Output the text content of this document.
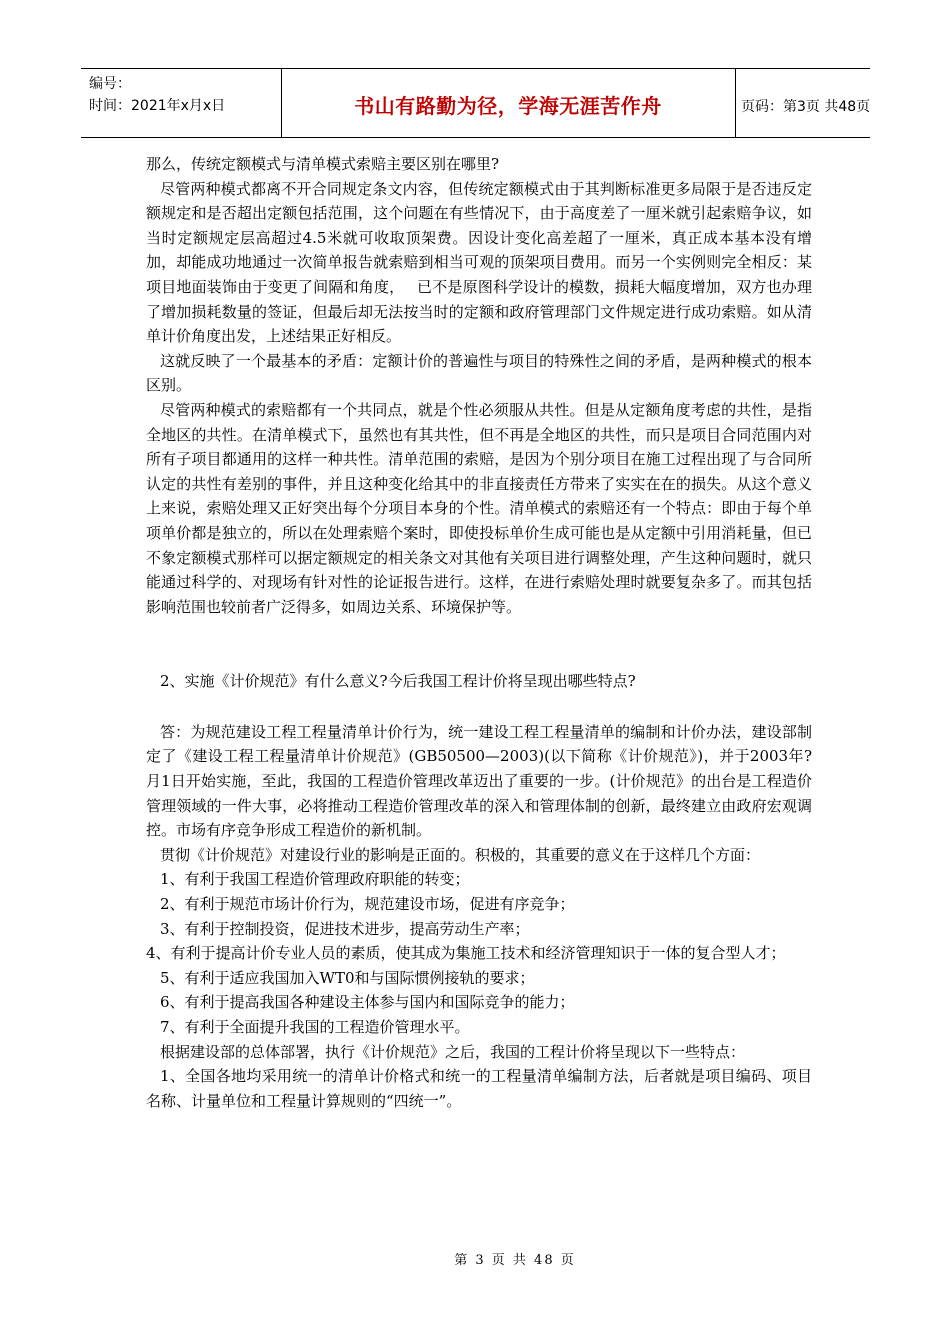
编号：
时间：2021年x月x日	书山有路勤为径，学海无涯苦作舟	页码：第3页 共48页

那么，传统定额模式与清单模式索赔主要区别在哪里?

尽管两种模式都离不开合同规定条文内容，但传统定额模式由于其判断标准更多局限于是否违反定额规定和是否超出定额包括范围，这个问题在有些情况下，由于高度差了一厘米就引起索赔争议，如当时定额规定层高超过4.5米就可收取顶架费。因设计变化高差超了一厘米，真正成本基本没有增加，却能成功地通过一次简单报告就索赔到相当可观的顶架项目费用。而另一个实例则完全相反：某项目地面装饰由于变更了间隔和角度，　 已不是原图科学设计的模数，损耗大幅度增加，双方也办理了增加损耗数量的签证，但最后却无法按当时的定额和政府管理部门文件规定进行成功索赔。如从清单计价角度出发，上述结果正好相反。

这就反映了一个最基本的矛盾：定额计价的普遍性与项目的特殊性之间的矛盾，是两种模式的根本区别。

尽管两种模式的索赔都有一个共同点，就是个性必须服从共性。但是从定额角度考虑的共性，是指全地区的共性。在清单模式下，虽然也有其共性，但不再是全地区的共性，而只是项目合同范围内对所有子项目都通用的这样一种共性。清单范围的索赔，是因为个别分项目在施工过程出现了与合同所认定的共性有差别的事件，并且这种变化给其中的非直接责任方带来了实实在在的损失。从这个意义上来说，索赔处理又正好突出每个分项目本身的个性。清单模式的索赔还有一个特点：即由于每个单项单价都是独立的，所以在处理索赔个案时，即使投标单价生成可能也是从定额中引用消耗量，但已不象定额模式那样可以据定额规定的相关条文对其他有关项目进行调整处理，产生这种问题时，就只能通过科学的、对现场有针对性的论证报告进行。这样，在进行索赔处理时就要复杂多了。而其包括影响范围也较前者广泛得多，如周边关系、环境保护等。

2、实施《计价规范》有什么意义?今后我国工程计价将呈现出哪些特点?

答：为规范建设工程工程量清单计价行为，统一建设工程工程量清单的编制和计价办法，建设部制定了《建设工程工程量清单计价规范》(GB50500—2003)(以下简称《计价规范》)，并于2003年?月1日开始实施，至此，我国的工程造价管理改革迈出了重要的一步。(计价规范》的出台是工程造价管理领域的一件大事，必将推动工程造价管理改革的深入和管理体制的创新，最终建立由政府宏观调控。市场有序竞争形成工程造价的新机制。

贯彻《计价规范》对建设行业的影响是正面的。积极的，其重要的意义在于这样几个方面：

1、有利于我国工程造价管理政府职能的转变；

2、有利于规范市场计价行为，规范建设市场，促进有序竞争；

3、有利于控制投资，促进技术进步，提高劳动生产率；

4、有利于提高计价专业人员的素质，使其成为集施工技术和经济管理知识于一体的复合型人才；

5、有利于适应我国加入WT0和与国际惯例接轨的要求；

6、有利于提高我国各种建设主体参与国内和国际竞争的能力；

7、有利于全面提升我国的工程造价管理水平。

根据建设部的总体部署，执行《计价规范》之后，我国的工程计价将呈现以下一些特点：

1、全国各地均采用统一的清单计价格式和统一的工程量清单编制方法，后者就是项目编码、项目名称、计量单位和工程量计算规则的“四统一”。

第 3 页 共 48 页
